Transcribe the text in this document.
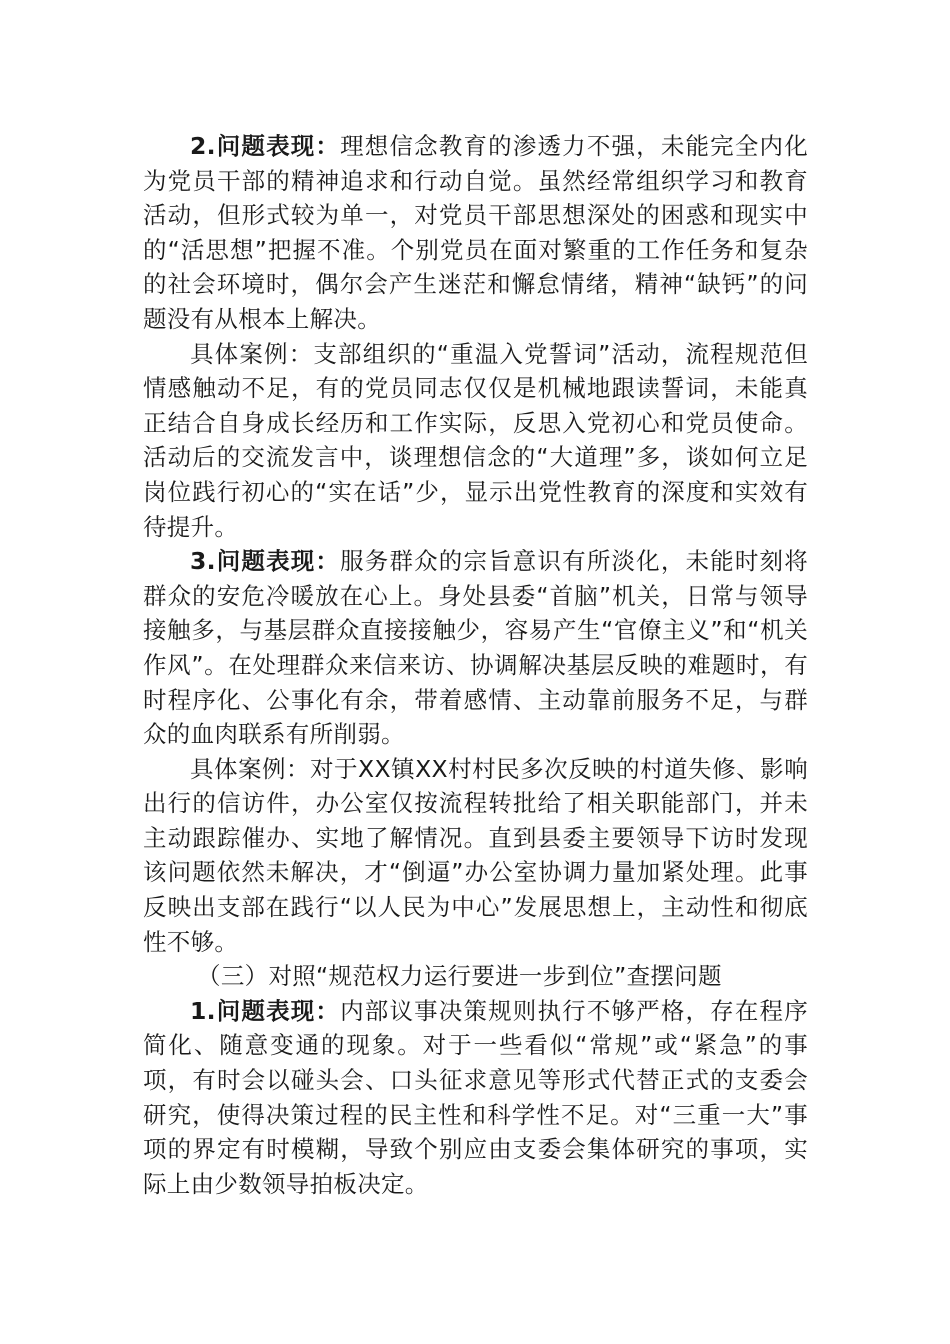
2.问题表现：理想信念教育的渗透力不强，未能完全内化为党员干部的精神追求和行动自觉。虽然经常组织学习和教育活动，但形式较为单一，对党员干部思想深处的困惑和现实中的“活思想”把握不准。个别党员在面对繁重的工作任务和复杂的社会环境时，偶尔会产生迷茫和懈怠情绪，精神“缺钙”的问题没有从根本上解决。

具体案例：支部组织的“重温入党誓词”活动，流程规范但情感触动不足，有的党员同志仅仅是机械地跟读誓词，未能真正结合自身成长经历和工作实际，反思入党初心和党员使命。活动后的交流发言中，谈理想信念的“大道理”多，谈如何立足岗位践行初心的“实在话”少，显示出党性教育的深度和实效有待提升。

3.问题表现：服务群众的宗旨意识有所淡化，未能时刻将群众的安危冷暖放在心上。身处县委“首脑”机关，日常与领导接触多，与基层群众直接接触少，容易产生“官僚主义”和“机关作风”。在处理群众来信来访、协调解决基层反映的难题时，有时程序化、公事化有余，带着感情、主动靠前服务不足，与群众的血肉联系有所削弱。

具体案例：对于XX镇XX村村民多次反映的村道失修、影响出行的信访件，办公室仅按流程转批给了相关职能部门，并未主动跟踪催办、实地了解情况。直到县委主要领导下访时发现该问题依然未解决，才“倒逼”办公室协调力量加紧处理。此事反映出支部在践行“以人民为中心”发展思想上，主动性和彻底性不够。

（三）对照“规范权力运行要进一步到位”查摆问题

1.问题表现：内部议事决策规则执行不够严格，存在程序简化、随意变通的现象。对于一些看似“常规”或“紧急”的事项，有时会以碰头会、口头征求意见等形式代替正式的支委会研究，使得决策过程的民主性和科学性不足。对“三重一大”事项的界定有时模糊，导致个别应由支委会集体研究的事项，实际上由少数领导拍板决定。
